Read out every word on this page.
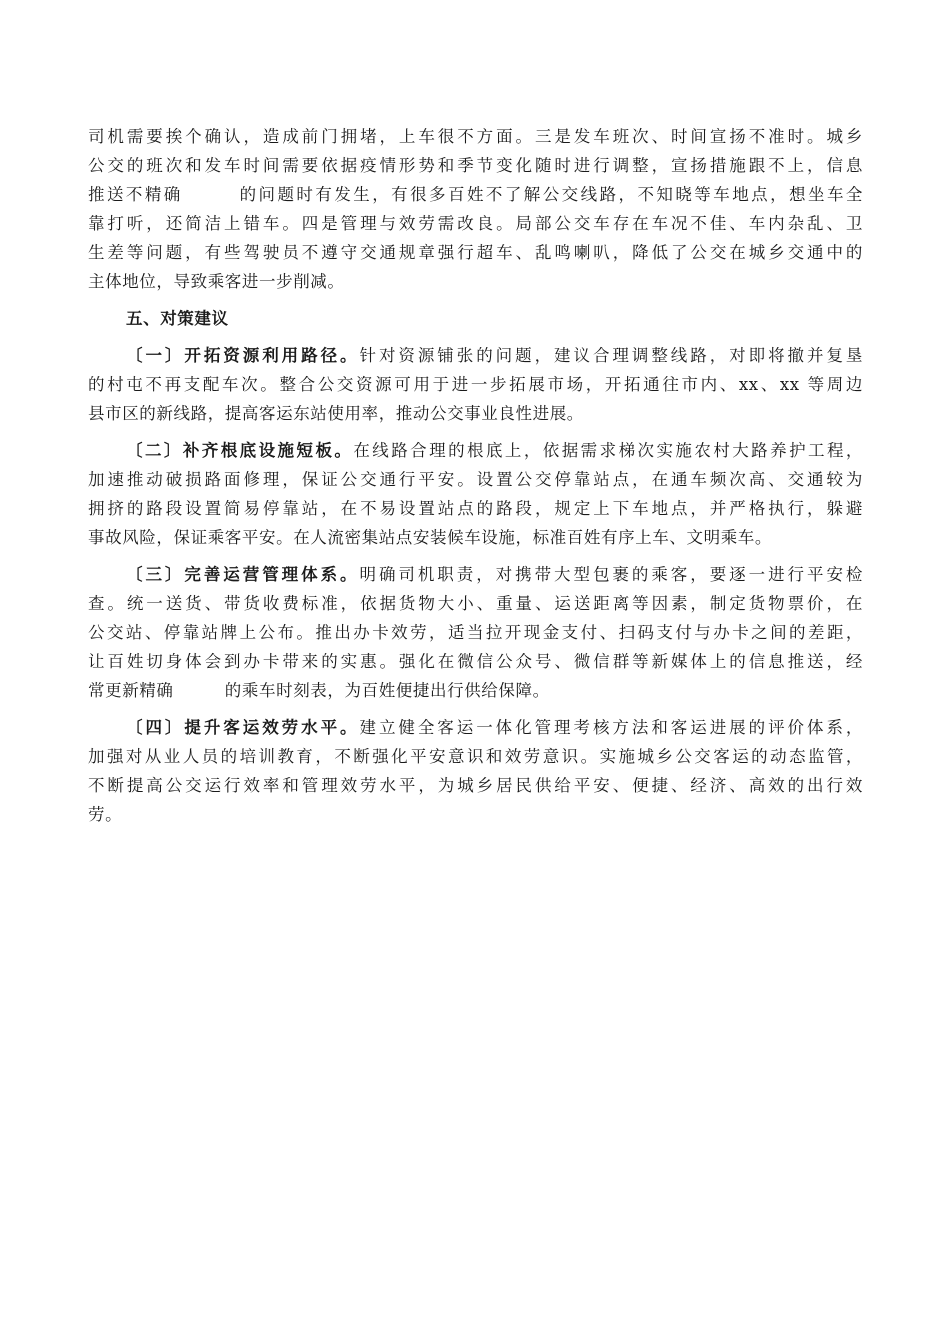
司机需要挨个确认，造成前门拥堵，上车很不方面。三是发车班次、时间宣扬不准时。城乡
公交的班次和发车时间需要依据疫情形势和季节变化随时进行调整，宣扬措施跟不上，信息
推送不精确　　　的问题时有发生，有很多百姓不了解公交线路，不知晓等车地点，想坐车全
靠打听，还简洁上错车。四是管理与效劳需改良。局部公交车存在车况不佳、车内杂乱、卫
生差等问题，有些驾驶员不遵守交通规章强行超车、乱鸣喇叭，降低了公交在城乡交通中的
主体地位，导致乘客进一步削减。
五、对策建议
〔一〕开拓资源利用路径。针对资源铺张的问题，建议合理调整线路，对即将撤并复垦
的村屯不再支配车次。整合公交资源可用于进一步拓展市场，开拓通往市内、xx、xx 等周边
县市区的新线路，提高客运东站使用率，推动公交事业良性进展。
〔二〕补齐根底设施短板。在线路合理的根底上，依据需求梯次实施农村大路养护工程，
加速推动破损路面修理，保证公交通行平安。设置公交停靠站点，在通车频次高、交通较为
拥挤的路段设置简易停靠站，在不易设置站点的路段，规定上下车地点，并严格执行，躲避
事故风险，保证乘客平安。在人流密集站点安装候车设施，标准百姓有序上车、文明乘车。
〔三〕完善运营管理体系。明确司机职责，对携带大型包裹的乘客，要逐一进行平安检
查。统一送货、带货收费标准，依据货物大小、重量、运送距离等因素，制定货物票价，在
公交站、停靠站牌上公布。推出办卡效劳，适当拉开现金支付、扫码支付与办卡之间的差距，
让百姓切身体会到办卡带来的实惠。强化在微信公众号、微信群等新媒体上的信息推送，经
常更新精确　　　的乘车时刻表，为百姓便捷出行供给保障。
〔四〕提升客运效劳水平。建立健全客运一体化管理考核方法和客运进展的评价体系，
加强对从业人员的培训教育，不断强化平安意识和效劳意识。实施城乡公交客运的动态监管，
不断提高公交运行效率和管理效劳水平，为城乡居民供给平安、便捷、经济、高效的出行效
劳。
